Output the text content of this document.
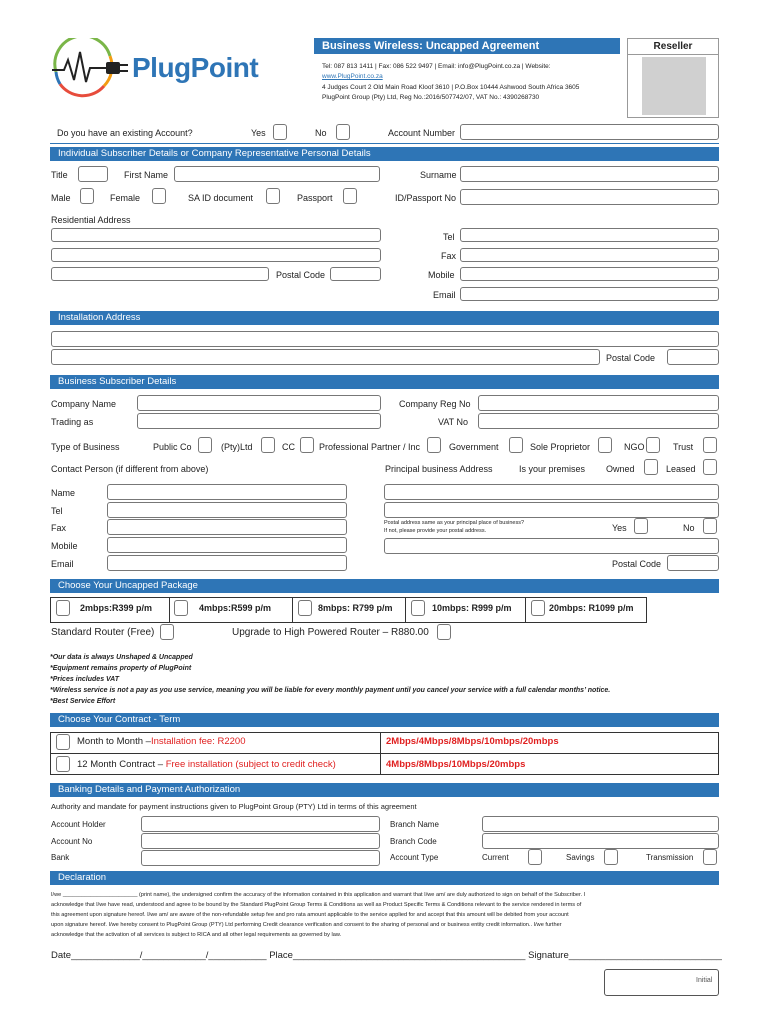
PlugPoint
Business Wireless: Uncapped Agreement
Tel: 087 813 1411 | Fax: 086 522 9497 | Email: info@PlugPoint.co.za | Website:
www.PlugPoint.co.za
4 Judges Court 2 Old Main Road Kloof 3610 | P.O.Box 10444 Ashwood South Africa 3605
PlugPoint Group (Pty) Ltd, Reg No.:2016/507742/07, VAT No.: 4390268730
Reseller
Do you have an existing Account?	Yes	No	Account Number
Individual Subscriber Details or Company Representative Personal Details
Title	First Name	Surname
Male	Female	SA ID document	Passport	ID/Passport No
Residential Address
Tel
Fax
Postal Code	Mobile
Email
Installation Address
Postal Code
Business Subscriber Details
Company Name	Company Reg No
Trading as	VAT No
Type of Business	Public Co	(Pty)Ltd	CC	Professional Partner / Inc	Government	Sole Proprietor	NGO	Trust
Contact Person (if different from above)	Principal business Address	Is your premises Owned	Leased
Name
Tel
Fax
Mobile
Email
Postal address same as your principal place of business?
If not, please provide your postal address.	Yes	No
Postal Code
Choose Your Uncapped Package
2mbps:R399 p/m	4mbps:R599 p/m	8mbps: R799 p/m	10mbps: R999 p/m	20mbps: R1099 p/m
Standard Router (Free)	Upgrade to High Powered Router – R880.00
*Our data is always Unshaped & Uncapped
*Equipment remains property of PlugPoint
*Prices includes VAT
*Wireless service is not a pay as you use service, meaning you will be liable for every monthly payment until you cancel your service with a full calendar months’ notice.
*Best Service Effort
Choose Your Contract - Term
Month to Month –Installation fee: R2200	2Mbps/4Mbps/8Mbps/10mbps/20mbps
12 Month Contract – Free installation (subject to credit check)	4Mbps/8Mbps/10Mbps/20mbps
Banking Details and Payment Authorization
Authority and mandate for payment instructions given to PlugPoint Group (PTY) Ltd in terms of this agreement
Account Holder	Branch Name
Account No	Branch Code
Bank	Account Type	Current	Savings	Transmission
Declaration
I/we ________________________ (print name), the undersigned confirm the accuracy of the information contained in this application and warrant that I/we am/ are duly authorized to sign on behalf of the Subscriber. I
acknowledge that I/we have read, understood and agree to be bound by the Standard PlugPoint Group Terms & Conditions as well as Product Specific Terms & Conditions relevant to the service rendered in terms of
this agreement upon signature hereof. I/we am/ are aware of the non-refundable setup fee and pro rata amount applicable to the service applied for and accept that this amount will be debited from your account
upon signature hereof. I/we hereby consent to PlugPoint Group (PTY) Ltd performing Credit clearance verification and consent to the sharing of personal and or business entity credit information.. I/we further
acknowledge that the activation of all services is subject to RICA and all other legal requirements as governed by law.
Date_____________/____________/___________ Place____________________________________________ Signature_____________________________
Initial
